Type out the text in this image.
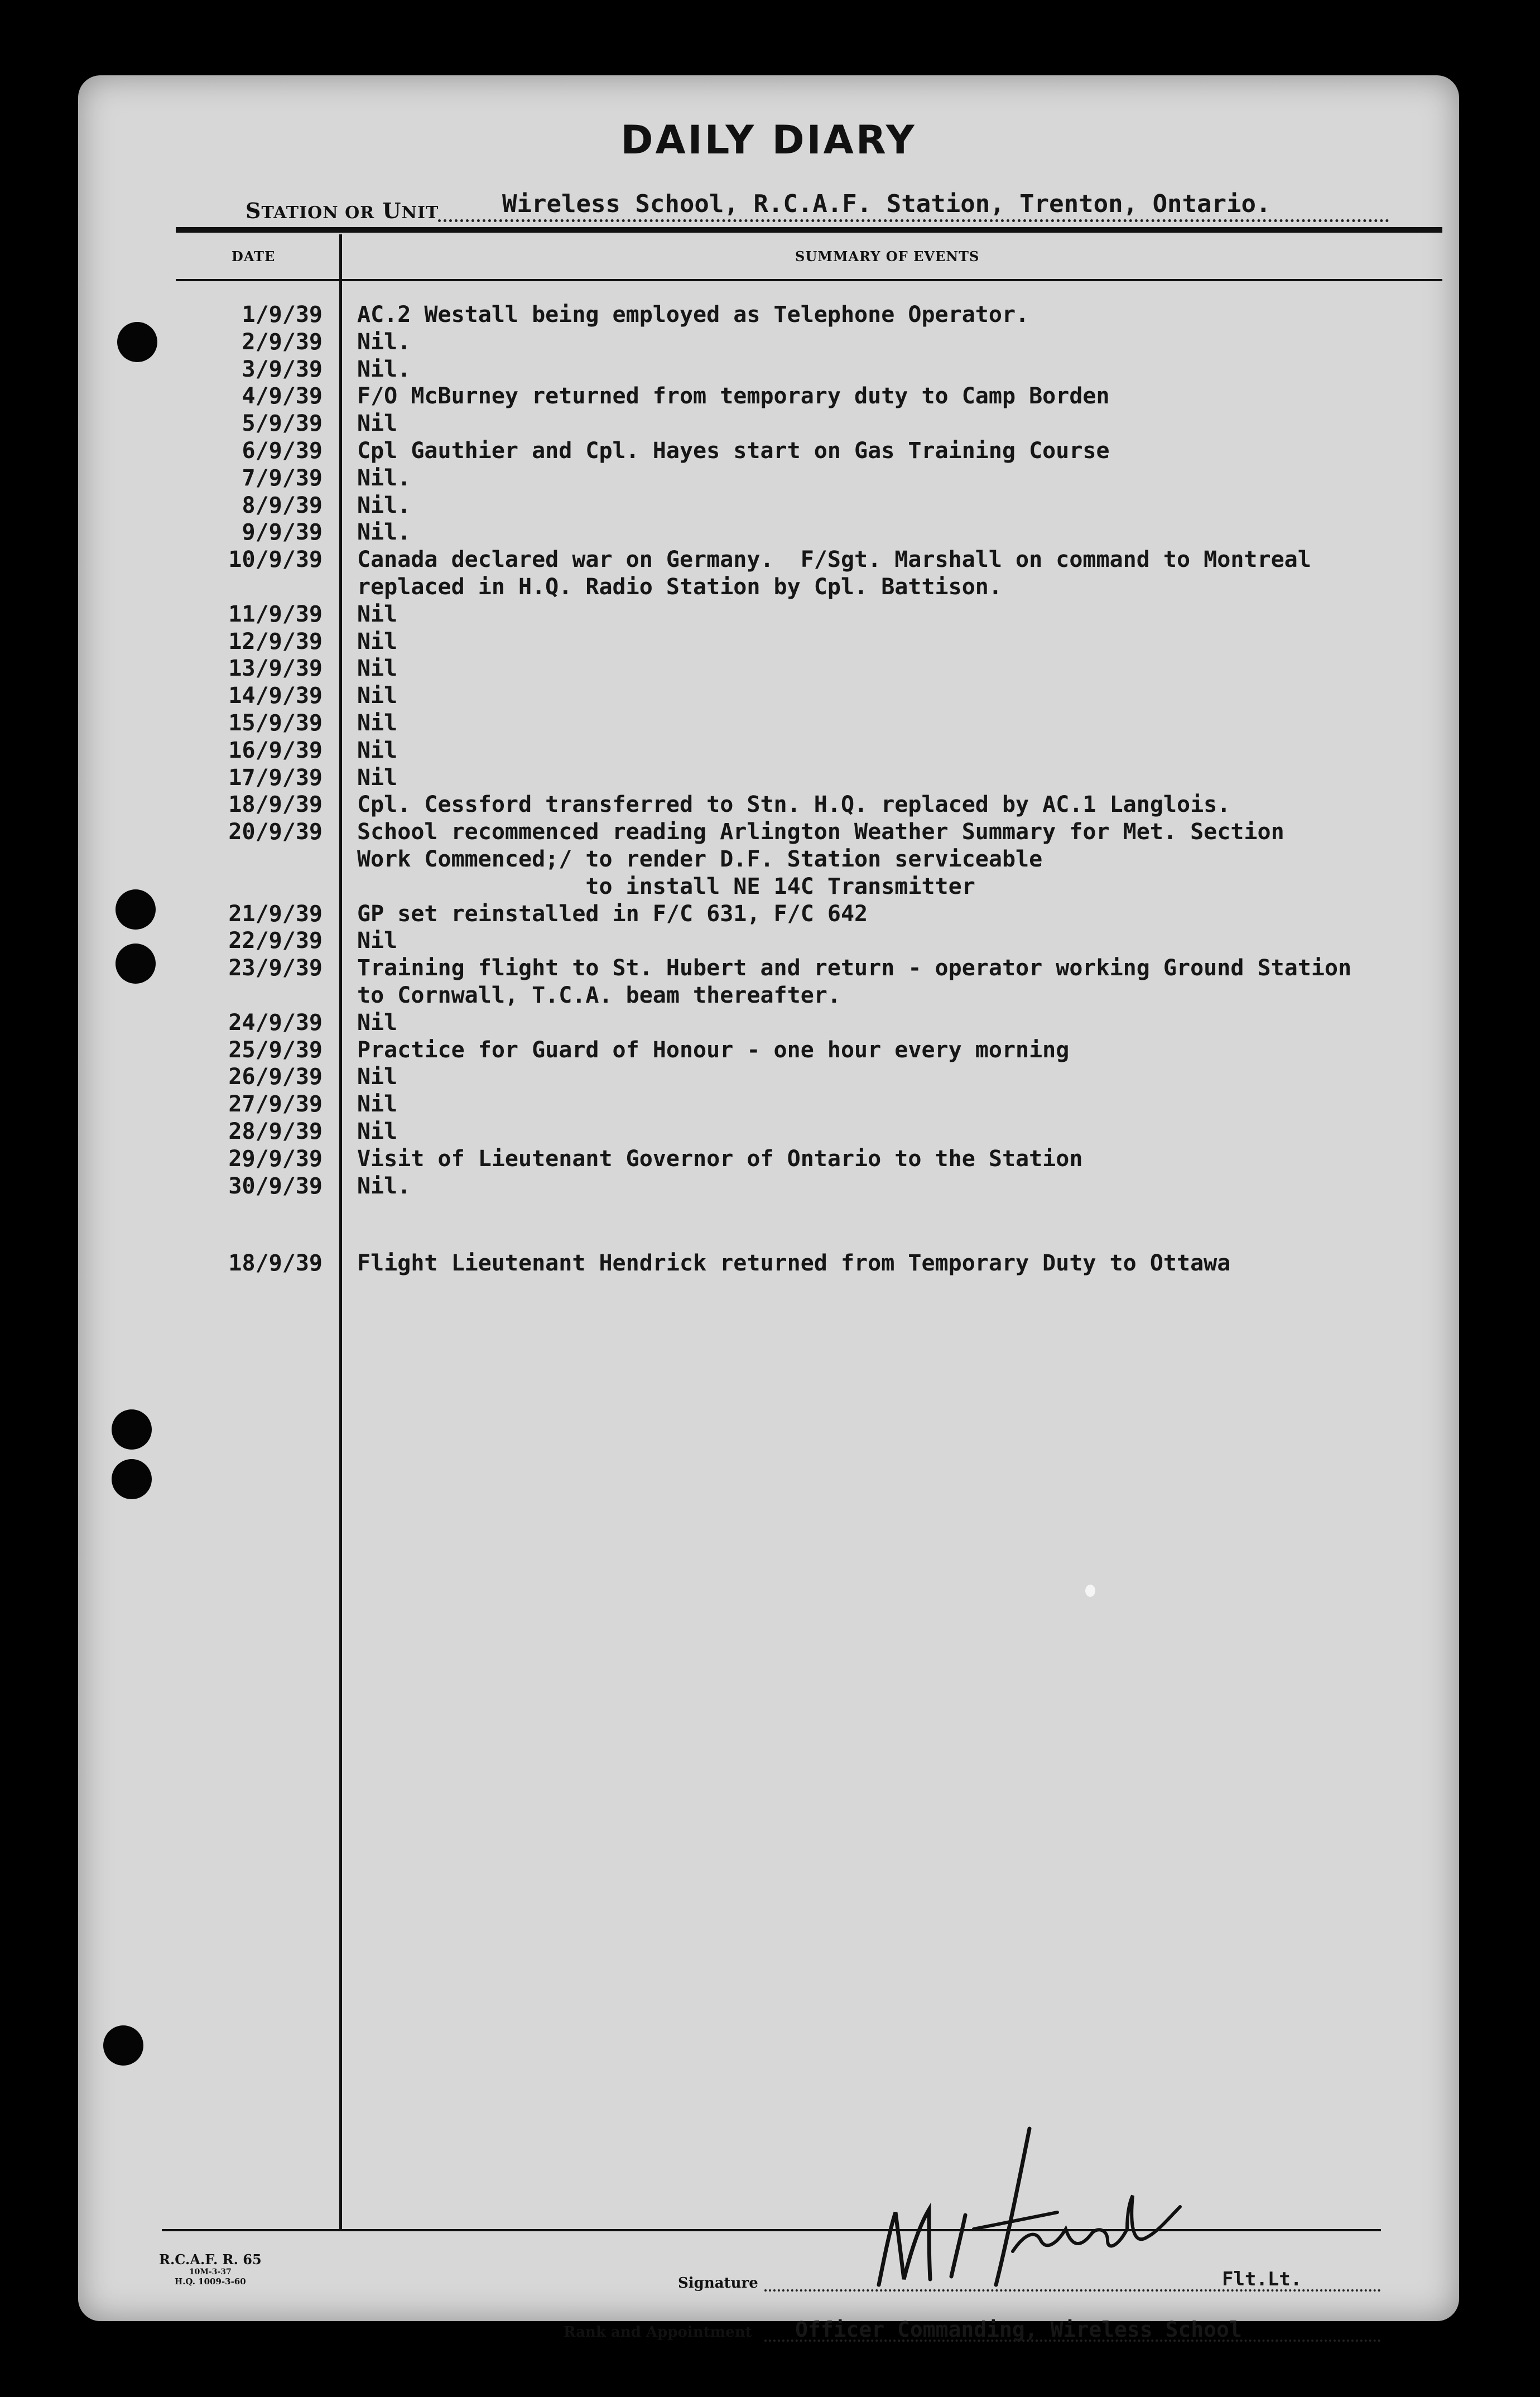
DAILY DIARY
STATION OR UNIT	Wireless School, R.C.A.F. Station, Trenton, Ontario.
DATE	SUMMARY OF EVENTS
1/9/39 AC.2 Westall being employed as Telephone Operator.
2/9/39 Nil.
3/9/39 Nil.
4/9/39 F/O McBurney returned from temporary duty to Camp Borden
5/9/39 Nil
6/9/39 Cpl Gauthier and Cpl. Hayes start on Gas Training Course
7/9/39 Nil.
8/9/39 Nil.
9/9/39 Nil.
10/9/39 Canada declared war on Germany.  F/Sgt. Marshall on command to Montreal
replaced in H.Q. Radio Station by Cpl. Battison.
11/9/39 Nil
12/9/39 Nil
13/9/39 Nil
14/9/39 Nil
15/9/39 Nil
16/9/39 Nil
17/9/39 Nil
18/9/39 Cpl. Cessford transferred to Stn. H.Q. replaced by AC.1 Langlois.
20/9/39 School recommenced reading Arlington Weather Summary for Met. Section
Work Commenced;/ to render D.F. Station serviceable
to install NE 14C Transmitter
21/9/39 GP set reinstalled in F/C 631, F/C 642
22/9/39 Nil
23/9/39 Training flight to St. Hubert and return - operator working Ground Station
to Cornwall, T.C.A. beam thereafter.
24/9/39 Nil
25/9/39 Practice for Guard of Honour - one hour every morning
26/9/39 Nil
27/9/39 Nil
28/9/39 Nil
29/9/39 Visit of Lieutenant Governor of Ontario to the Station
30/9/39 Nil.
18/9/39 Flight Lieutenant Hendrick returned from Temporary Duty to Ottawa
R.C.A.F. R. 65
10M-3-37
H.Q. 1009-3-60	Signature	Flt.Lt.
Rank and Appointment Officer Commanding, Wireless School
